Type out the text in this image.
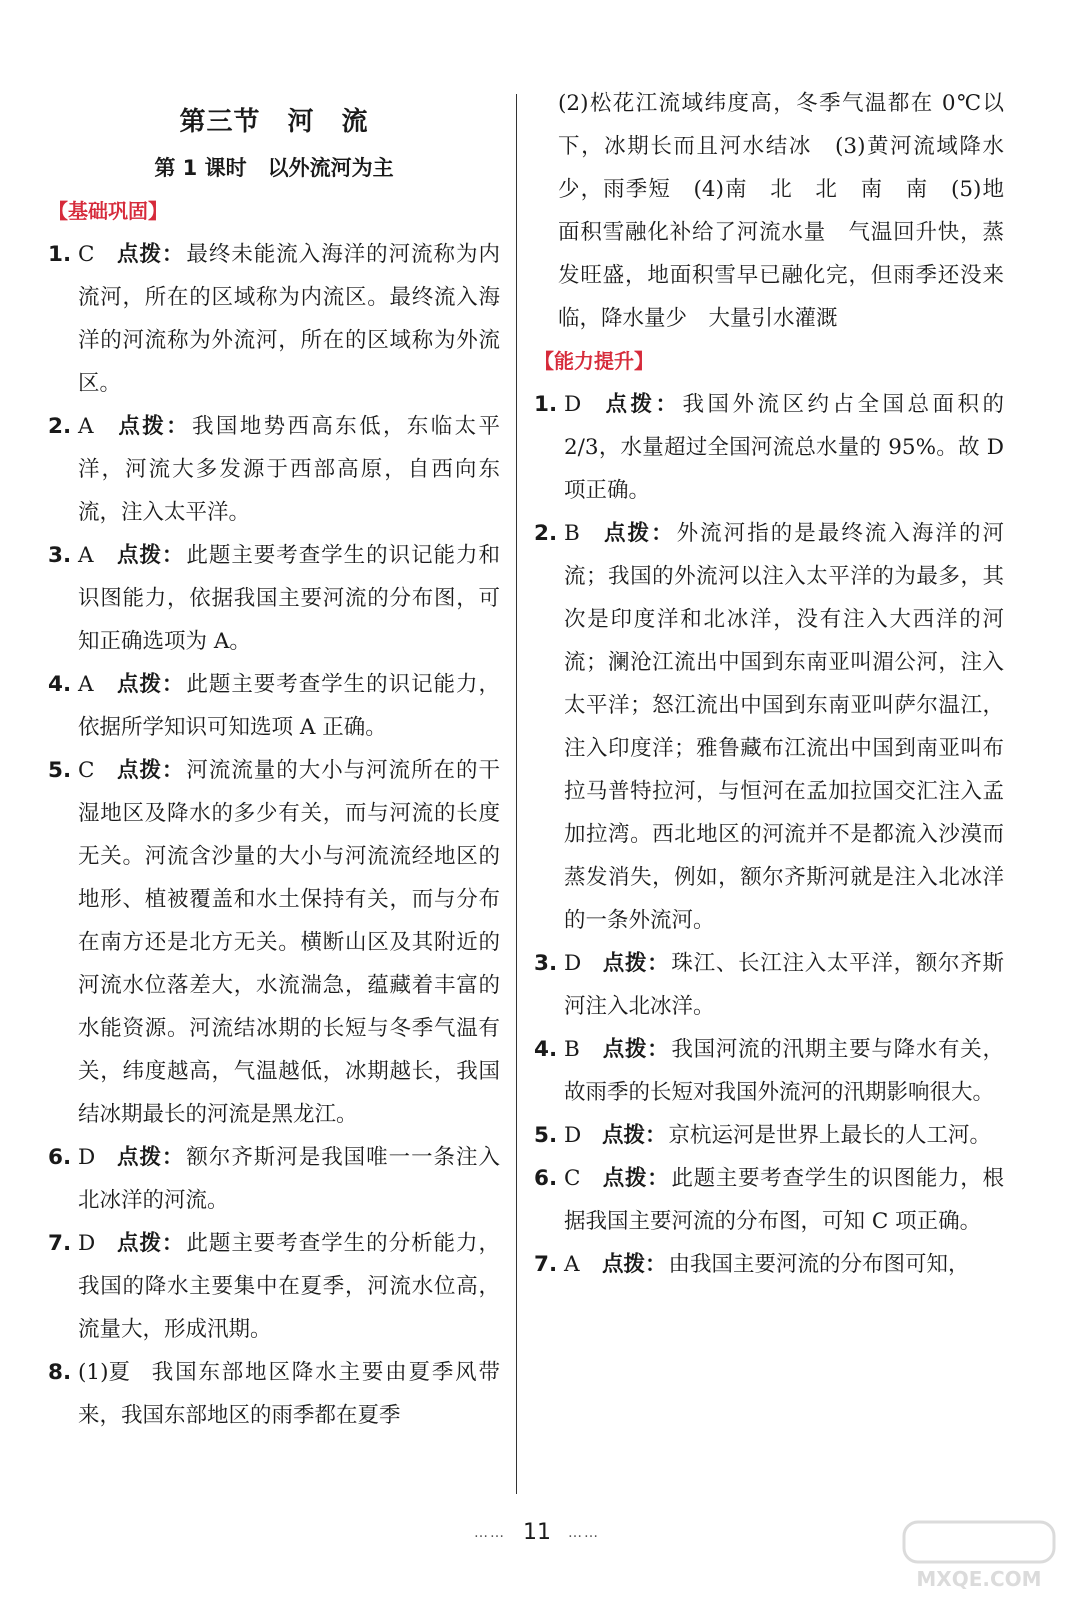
第三节　河　流
第 1 课时　以外流河为主
【基础巩固】
1. C 点拨：最终未能流入海洋的河流称为内流河，所在的区域称为内流区。最终流入海洋的河流称为外流河，所在的区域称为外流区。
2. A 点拨：我国地势西高东低，东临太平洋，河流大多发源于西部高原，自西向东流，注入太平洋。
3. A 点拨：此题主要考查学生的识记能力和识图能力，依据我国主要河流的分布图，可知正确选项为 A。
4. A 点拨：此题主要考查学生的识记能力，依据所学知识可知选项 A 正确。
5. C 点拨：河流流量的大小与河流所在的干湿地区及降水的多少有关，而与河流的长度无关。河流含沙量的大小与河流流经地区的地形、植被覆盖和水土保持有关，而与分布在南方还是北方无关。横断山区及其附近的河流水位落差大，水流湍急，蕴藏着丰富的水能资源。河流结冰期的长短与冬季气温有关，纬度越高，气温越低，冰期越长，我国结冰期最长的河流是黑龙江。
6. D 点拨：额尔齐斯河是我国唯一一条注入北冰洋的河流。
7. D 点拨：此题主要考查学生的分析能力，我国的降水主要集中在夏季，河流水位高，流量大，形成汛期。
8. (1)夏 我国东部地区降水主要由夏季风带来，我国东部地区的雨季都在夏季
(2)松花江流域纬度高，冬季气温都在 0℃以下，冰期长而且河水结冰　(3)黄河流域降水少，雨季短　(4)南　北　北　南　南　(5)地面积雪融化补给了河流水量　气温回升快，蒸发旺盛，地面积雪早已融化完，但雨季还没来临，降水量少　大量引水灌溉
【能力提升】
1. D 点拨：我国外流区约占全国总面积的 2/3，水量超过全国河流总水量的 95%。故 D 项正确。
2. B 点拨：外流河指的是最终流入海洋的河流；我国的外流河以注入太平洋的为最多，其次是印度洋和北冰洋，没有注入大西洋的河流；澜沧江流出中国到东南亚叫湄公河，注入太平洋；怒江流出中国到东南亚叫萨尔温江，注入印度洋；雅鲁藏布江流出中国到南亚叫布拉马普特拉河，与恒河在孟加拉国交汇注入孟加拉湾。西北地区的河流并不是都流入沙漠而蒸发消失，例如，额尔齐斯河就是注入北冰洋的一条外流河。
3. D 点拨：珠江、长江注入太平洋，额尔齐斯河注入北冰洋。
4. B 点拨：我国河流的汛期主要与降水有关，故雨季的长短对我国外流河的汛期影响很大。
5. D 点拨：京杭运河是世界上最长的人工河。
6. C 点拨：此题主要考查学生的识图能力，根据我国主要河流的分布图，可知 C 项正确。
7. A 点拨：由我国主要河流的分布图可知，
…… 11 ……
MXQE.COM
